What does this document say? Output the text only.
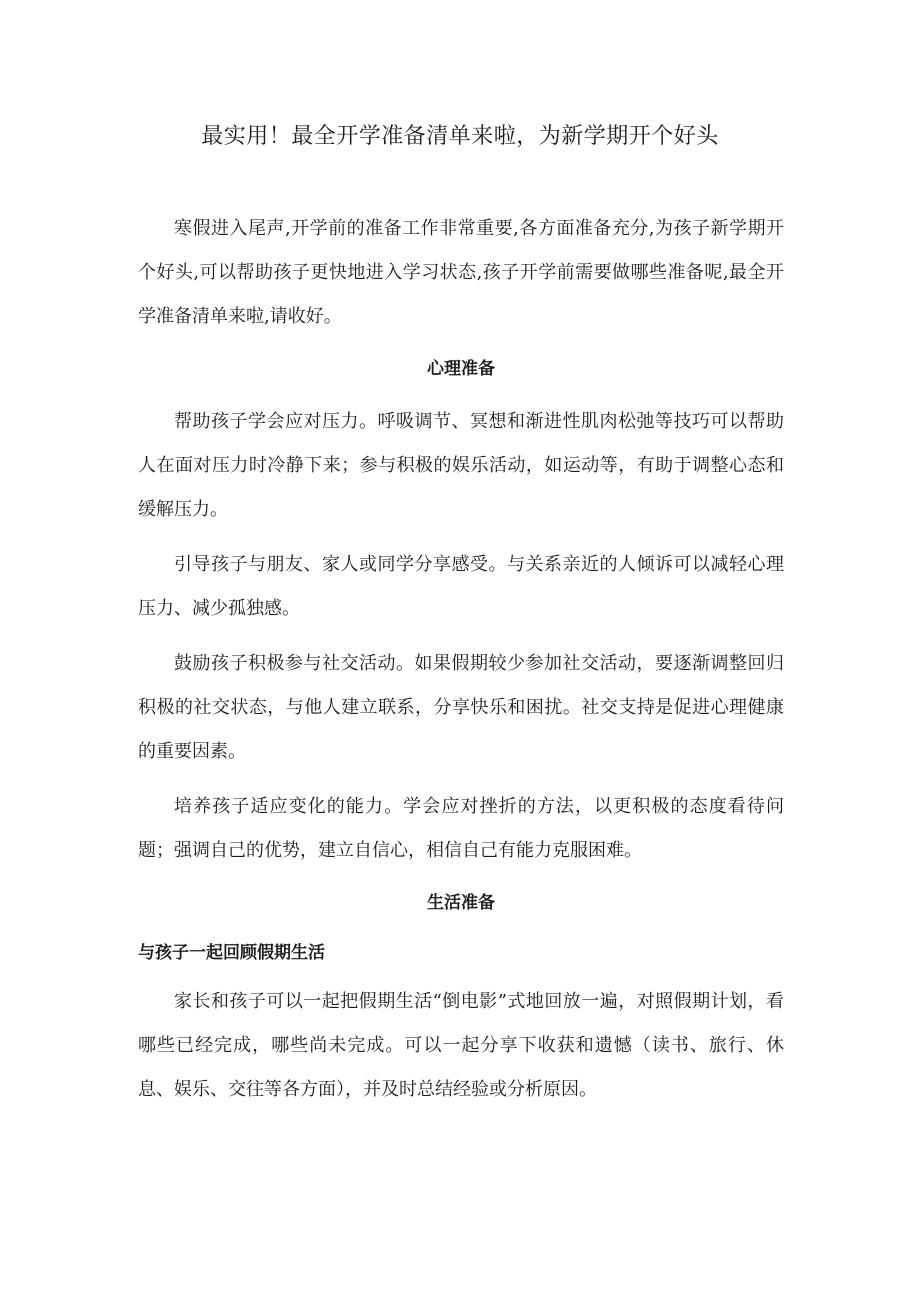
最实用！最全开学准备清单来啦，为新学期开个好头

寒假进入尾声,开学前的准备工作非常重要,各方面准备充分,为孩子新学期开个好头,可以帮助孩子更快地进入学习状态,孩子开学前需要做哪些准备呢,最全开学准备清单来啦,请收好。

心理准备

帮助孩子学会应对压力。呼吸调节、冥想和渐进性肌肉松弛等技巧可以帮助人在面对压力时冷静下来；参与积极的娱乐活动，如运动等，有助于调整心态和缓解压力。

引导孩子与朋友、家人或同学分享感受。与关系亲近的人倾诉可以减轻心理压力、减少孤独感。

鼓励孩子积极参与社交活动。如果假期较少参加社交活动，要逐渐调整回归积极的社交状态，与他人建立联系，分享快乐和困扰。社交支持是促进心理健康的重要因素。

培养孩子适应变化的能力。学会应对挫折的方法，以更积极的态度看待问题；强调自己的优势，建立自信心，相信自己有能力克服困难。

生活准备
与孩子一起回顾假期生活

家长和孩子可以一起把假期生活“倒电影”式地回放一遍，对照假期计划，看哪些已经完成，哪些尚未完成。可以一起分享下收获和遗憾（读书、旅行、休息、娱乐、交往等各方面），并及时总结经验或分析原因。
